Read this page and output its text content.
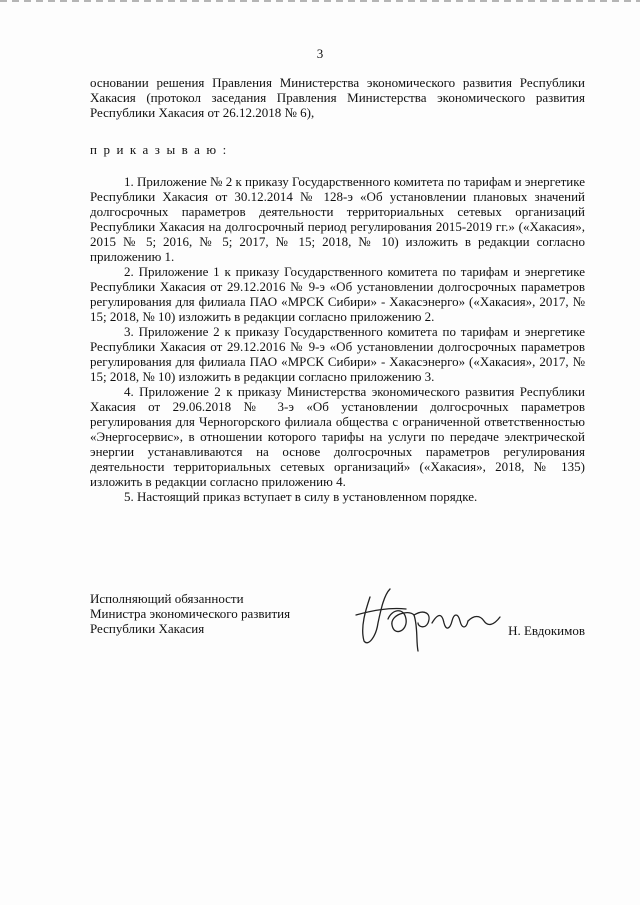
3

основании решения Правления Министерства экономического развития Республики Хакасия (протокол заседания Правления Министерства экономического развития Республики Хакасия от 26.12.2018 № 6),

приказываю:

1. Приложение № 2 к приказу Государственного комитета по тарифам и энергетике Республики Хакасия от 30.12.2014 № 128-э «Об установлении плановых значений долгосрочных параметров деятельности территориальных сетевых организаций Республики Хакасия на долгосрочный период регулирования 2015-2019 гг.» («Хакасия», 2015 № 5; 2016, № 5; 2017, № 15; 2018, № 10) изложить в редакции согласно приложению 1.

2. Приложение 1 к приказу Государственного комитета по тарифам и энергетике Республики Хакасия от 29.12.2016 № 9-э «Об установлении долгосрочных параметров регулирования для филиала ПАО «МРСК Сибири» - Хакасэнерго» («Хакасия», 2017, № 15; 2018, № 10) изложить в редакции согласно приложению 2.

3. Приложение 2 к приказу Государственного комитета по тарифам и энергетике Республики Хакасия от 29.12.2016 № 9-э «Об установлении долгосрочных параметров регулирования для филиала ПАО «МРСК Сибири» - Хакасэнерго» («Хакасия», 2017, № 15; 2018, № 10) изложить в редакции согласно приложению 3.

4. Приложение 2 к приказу Министерства экономического развития Республики Хакасия от 29.06.2018 № 3-э «Об установлении долгосрочных параметров регулирования для Черногорского филиала общества с ограниченной ответственностью «Энергосервис», в отношении которого тарифы на услуги по передаче электрической энергии устанавливаются на основе долгосрочных параметров регулирования деятельности территориальных сетевых организаций» («Хакасия», 2018, № 135) изложить в редакции согласно приложению 4.

5. Настоящий приказ вступает в силу в установленном порядке.

Исполняющий обязанности
Министра экономического развития
Республики Хакасия	Н. Евдокимов
